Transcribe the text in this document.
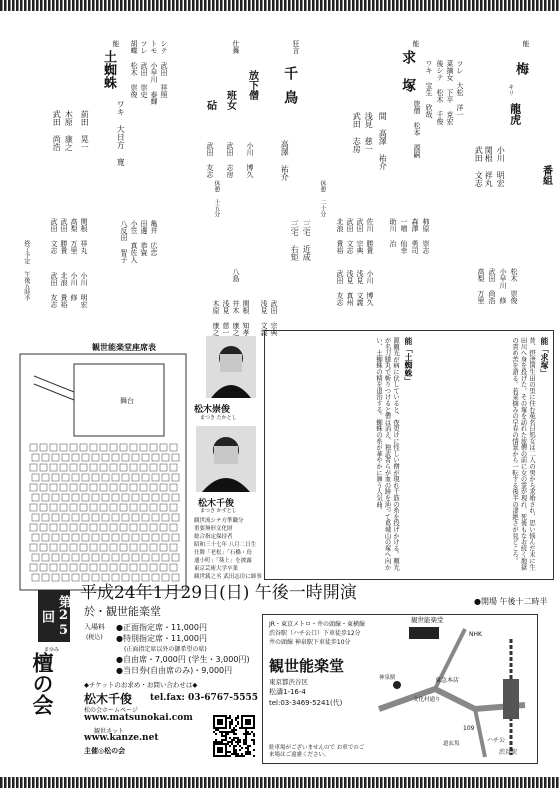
番組
能
梅
キリ
龍虎
小川 明宏
関根 祥丸
武田 文志
松木 崇俊
小早川 修
武田 尚浩
高梨 万里
能
求塚	ツレ 大松 洋一
菜摘女 下平 克宏
後シテ 松木 千俊
ワキ 宝生 欣哉
旅僧 松本 源嗣
間 高澤 祐介
浅見 慈一
武田 志房
休憩 二十分
柿原 崇志
森澤 勇司
一噌 仙幸
助川 治
佐川 勝貴
武田 宗典
武田 文志
北浪 貴裕
小川 博久
浅見 文義
浅見 真州
武田 友志
狂言
千鳥
高澤 祐介
三宅 近成
三宅 右矩
仕舞
放下僧
班女
砧
小川 博久
武田 志房
武田 友志
休憩 十五分
八島
関根 知孝
井木 康之
浅見 慈一
木原 康之	武田 宗典
浅見 文義
能
土蜘蛛	シテ 武田 祥照
トモ 小早川 泰輝
ツレ 武田 崇史
胡蝶 松木 崇俊
ワキ 大日方 寛
前田 晃一
木原 康之
武田 尚浩
亀井 広忠
田邊 恭資
小笠 真佐人
八反田 智子
関根 祥丸
高梨 万里
武田 勝貴
武田 文志
小川 明宏
小川 修
北浪 貴裕
武田 友志
終了予定 午後五時半
能「求塚」
昔、摂津国生田の里に住む菟名日処女は二人の男から求婚され、思い悩んだ末に生田川へ身を投げた。その塚を訪れた旅僧の前に女の霊が現れ、死後もなお続く地獄の責め苦を語る。若菜摘みの早春の情景から一転する後半の凄絶さが見どころ。
能「土蜘蛛」
源頼光が病に伏していると、夜更けに怪しい僧が現れ千筋の糸を投げかける。頼光が名刀膝丸で斬りつけると僧は消え、独武者らが血の跡を辿って葛城山の塚へ向かい、土蜘蛛の精を退治する。蜘蛛の糸が華やかに舞う人気曲。
観世能楽堂座席表
舞台
松木崇俊
まつき たかとし
松木千俊
まつき かずとし
観世流シテ方準職分
重要無形文化財
総合指定保持者
昭和三十七年 八月二日生
仕舞「老松」「石橋・鳥
通小町」「葵上」を披露
東京芸術大学卒業
観世銕之丞 武田志房に師事
平成24年1月29日(日) 午後一時開演	●開場 午後十二時半
於・観世能楽堂
第25回
まゆみ
檀の会
入場料
(税込)
●正面指定席・11,000円
●特別指定席・11,000円
(正面指定席以外の御希望の席)
●自由席・7,000円 (学生・3,000円)
●当日券(自由席のみ)・9,000円
◆チケットのお求め・お問い合わせは◆
松木千俊 tel.fax: 03-6767-5555
松の会ホームページ
www.matsunokai.com
観世ネット
www.kanze.net
主催◎松の会
JR・東京メトロ・井の頭線・東横線
渋谷駅（ハチ公口）下車徒歩12分
井の頭線 神泉駅下車徒歩10分
観世能楽堂
東京都渋谷区
松濤1-16-4
tel:03-3469-5241(代)
駐車場がございませんので お車でのご来場はご遠慮ください。
観世能楽堂
NHK
東急本店
109
ハチ公
渋谷駅
文化村通り
道玄坂
神泉駅
